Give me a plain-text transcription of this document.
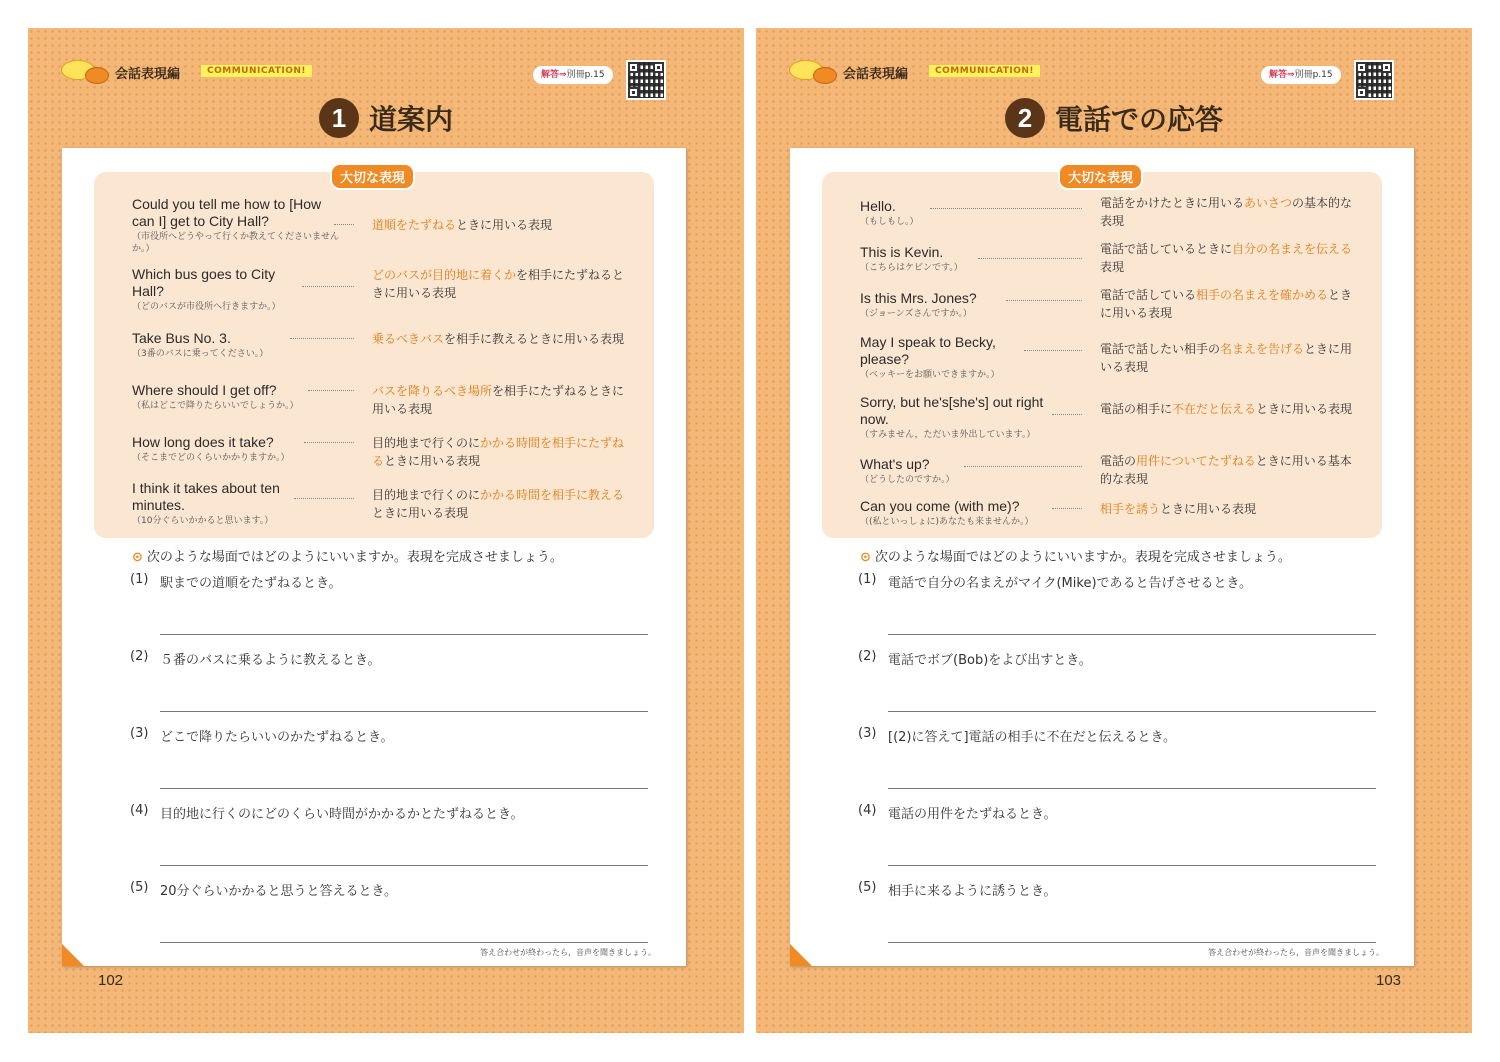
会話表現編	COMMUNICATION!	解答⇒別冊p.15
1 道案内
大切な表現
Could you tell me how to [How can I] get to City Hall?
（市役所へどうやって行くか教えてくださいませんか。）
道順をたずねるときに用いる表現
Which bus goes to City Hall?
（どのバスが市役所へ行きますか。）
どのバスが目的地に着くかを相手にたずねるときに用いる表現
Take Bus No. 3.
（3番のバスに乗ってください。）
乗るべきバスを相手に教えるときに用いる表現
Where should I get off?
（私はどこで降りたらいいでしょうか。）
バスを降りるべき場所を相手にたずねるときに用いる表現
How long does it take?
（そこまでどのくらいかかりますか。）
目的地まで行くのにかかる時間を相手にたずねるときに用いる表現
I think it takes about ten minutes.
（10分ぐらいかかると思います。）
目的地まで行くのにかかる時間を相手に教えるときに用いる表現
⊙ 次のような場面ではどのようにいいますか。表現を完成させましょう。
(1) 駅までの道順をたずねるとき。
(2) ５番のバスに乗るように教えるとき。
(3) どこで降りたらいいのかたずねるとき。
(4) 目的地に行くのにどのくらい時間がかかるかとたずねるとき。
(5) 20分ぐらいかかると思うと答えるとき。
答え合わせが終わったら，音声を聞きましょう。
102
会話表現編	COMMUNICATION!	解答⇒別冊p.15
2 電話での応答
大切な表現
Hello.
（もしもし。）
電話をかけたときに用いるあいさつの基本的な表現
This is Kevin.
（こちらはケビンです。）
電話で話しているときに自分の名まえを伝える表現
Is this Mrs. Jones?
（ジョーンズさんですか。）
電話で話している相手の名まえを確かめるときに用いる表現
May I speak to Becky, please?
（ベッキーをお願いできますか。）
電話で話したい相手の名まえを告げるときに用いる表現
Sorry, but he's[she's] out right now.
（すみません，ただいま外出しています。）
電話の相手に不在だと伝えるときに用いる表現
What's up?
（どうしたのですか。）
電話の用件についてたずねるときに用いる基本的な表現
Can you come (with me)?
（(私といっしょに)あなたも来ませんか。）
相手を誘うときに用いる表現
⊙ 次のような場面ではどのようにいいますか。表現を完成させましょう。
(1) 電話で自分の名まえがマイク(Mike)であると告げさせるとき。
(2) 電話でボブ(Bob)をよび出すとき。
(3) [(2)に答えて]電話の相手に不在だと伝えるとき。
(4) 電話の用件をたずねるとき。
(5) 相手に来るように誘うとき。
答え合わせが終わったら，音声を聞きましょう。
103
